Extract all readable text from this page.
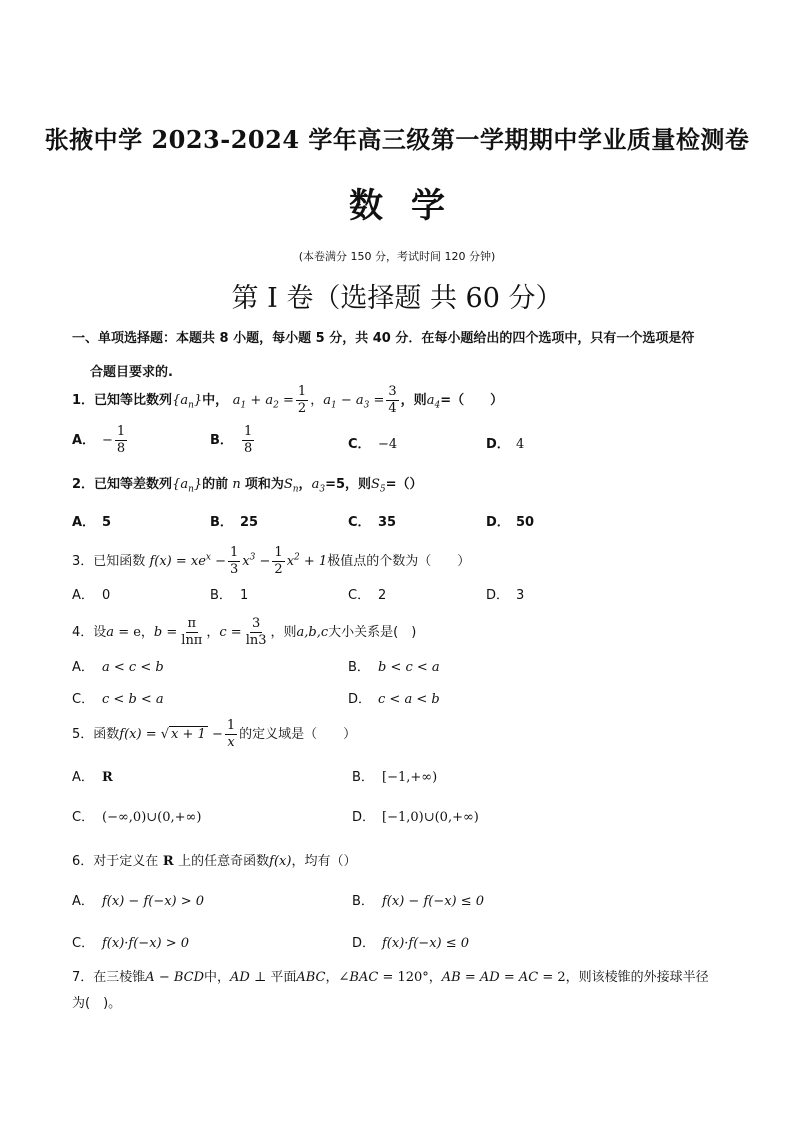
张掖中学 2023-2024 学年高三级第一学期期中学业质量检测卷
数学
(本卷满分 150 分，考试时间 120 分钟)
第 I 卷（选择题 共 60 分）
一、单项选择题：本题共 8 小题，每小题 5 分，共 40 分．在每小题给出的四个选项中，只有一个选项是符
合题目要求的.
1．已知等比数列$\{a_n\}$中， $a_1 + a_2 = \frac{1}{2}$ ，$a_1 - a_3 = \frac{3}{4}$ ，则$a_4=$（　　）
A． − $\frac{1}{8}$	B． $\frac{1}{8}$	C． −4	D． 4
2．已知等差数列$\{a_n\}$的前 n 项和为$S_n$，$a_3=5$，则$S_5=()$
A． 5	B． 25	C． 35	D． 50
3．已知函数 $f(x) = xe^x - \frac{1}{3} x^3 - \frac{1}{2} x^2 + 1$极值点的个数为（　　）
A． 0	B． 1	C． 2	D． 3
4．设a = e，$b = \frac{\pi}{\ln\pi}$ ，$c = \frac{3}{\ln 3}$ ，则a,b,c大小关系是(　)
A． a < c < b	B． b < c < a
C． c < b < a	D． c < a < b
5．函数f(x) = √ $x + 1 - \frac{1}{x}$ 的定义域是（　　）
A． R	B． [−1,+∞)
C． (−∞,0)∪(0,+∞)	D． [−1,0)∪(0,+∞)
6．对于定义在 R 上的任意奇函数f(x)，均有（）
A． f(x) − f(−x) > 0	B． f(x) − f(−x) ≤ 0
C． f(x)·f(−x) > 0	D． f(x)·f(−x) ≤ 0
7．在三棱锥A − BCD中，AD ⊥ 平面ABC，∠BAC = 120°，AB = AD = AC = 2，则该棱锥的外接球半径
为(　)。
